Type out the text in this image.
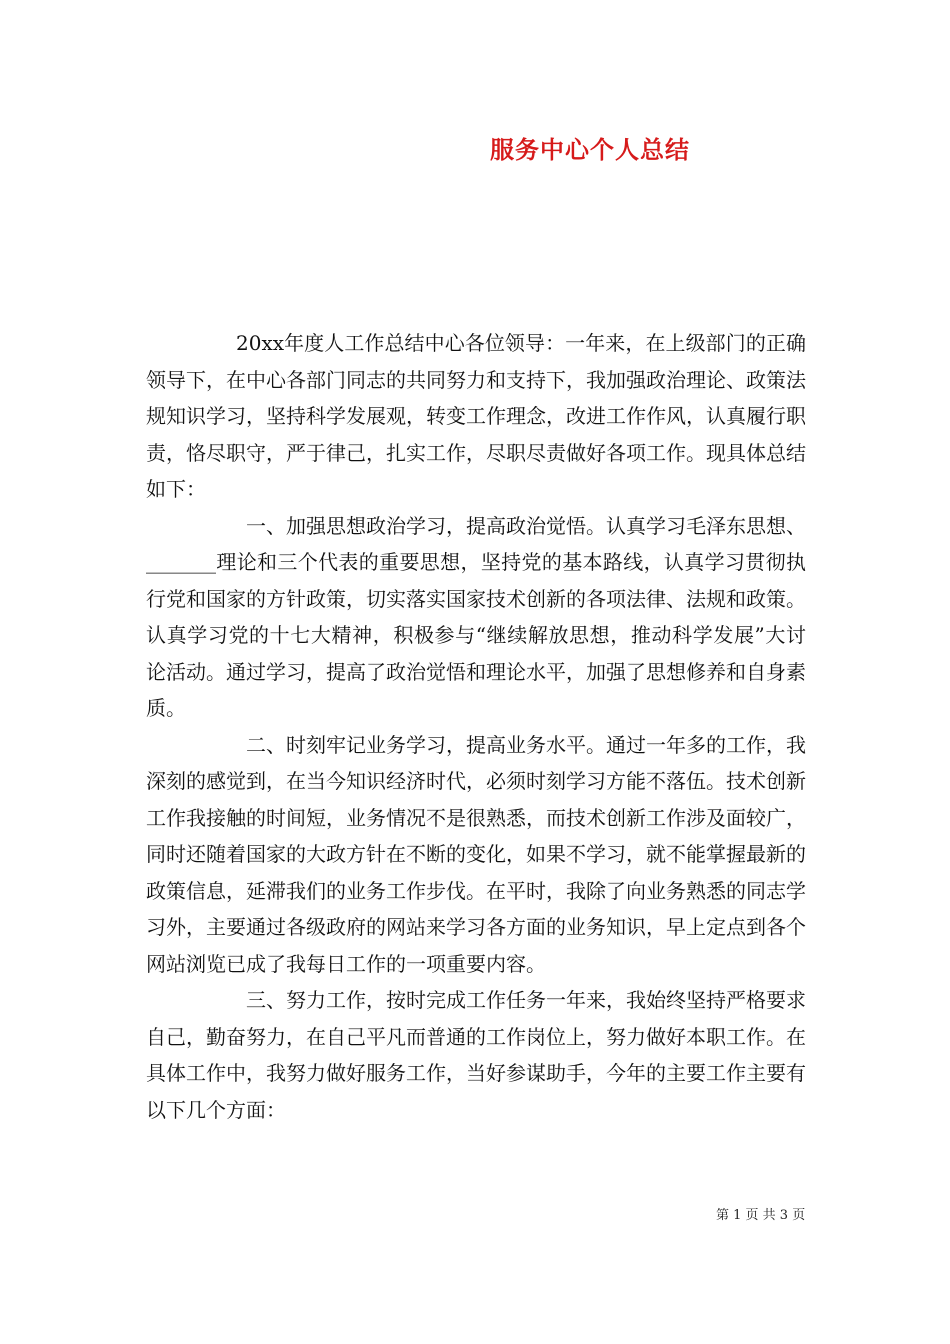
服务中心个人总结

20xx年度人工作总结中心各位领导：一年来，在上级部门的正确领导下，在中心各部门同志的共同努力和支持下，我加强政治理论、政策法规知识学习，坚持科学发展观，转变工作理念，改进工作作风，认真履行职责，恪尽职守，严于律己，扎实工作，尽职尽责做好各项工作。现具体总结如下：

一、加强思想政治学习，提高政治觉悟。认真学习毛泽东思想、_______理论和三个代表的重要思想，坚持党的基本路线，认真学习贯彻执行党和国家的方针政策，切实落实国家技术创新的各项法律、法规和政策。认真学习党的十七大精神，积极参与“继续解放思想，推动科学发展”大讨论活动。通过学习，提高了政治觉悟和理论水平，加强了思想修养和自身素质。

二、时刻牢记业务学习，提高业务水平。通过一年多的工作，我深刻的感觉到，在当今知识经济时代，必须时刻学习方能不落伍。技术创新工作我接触的时间短，业务情况不是很熟悉，而技术创新工作涉及面较广，同时还随着国家的大政方针在不断的变化，如果不学习，就不能掌握最新的政策信息，延滞我们的业务工作步伐。在平时，我除了向业务熟悉的同志学习外，主要通过各级政府的网站来学习各方面的业务知识，早上定点到各个网站浏览已成了我每日工作的一项重要内容。

三、努力工作，按时完成工作任务一年来，我始终坚持严格要求自己，勤奋努力，在自己平凡而普通的工作岗位上，努力做好本职工作。在具体工作中，我努力做好服务工作，当好参谋助手，今年的主要工作主要有以下几个方面：

第 1 页 共 3 页
